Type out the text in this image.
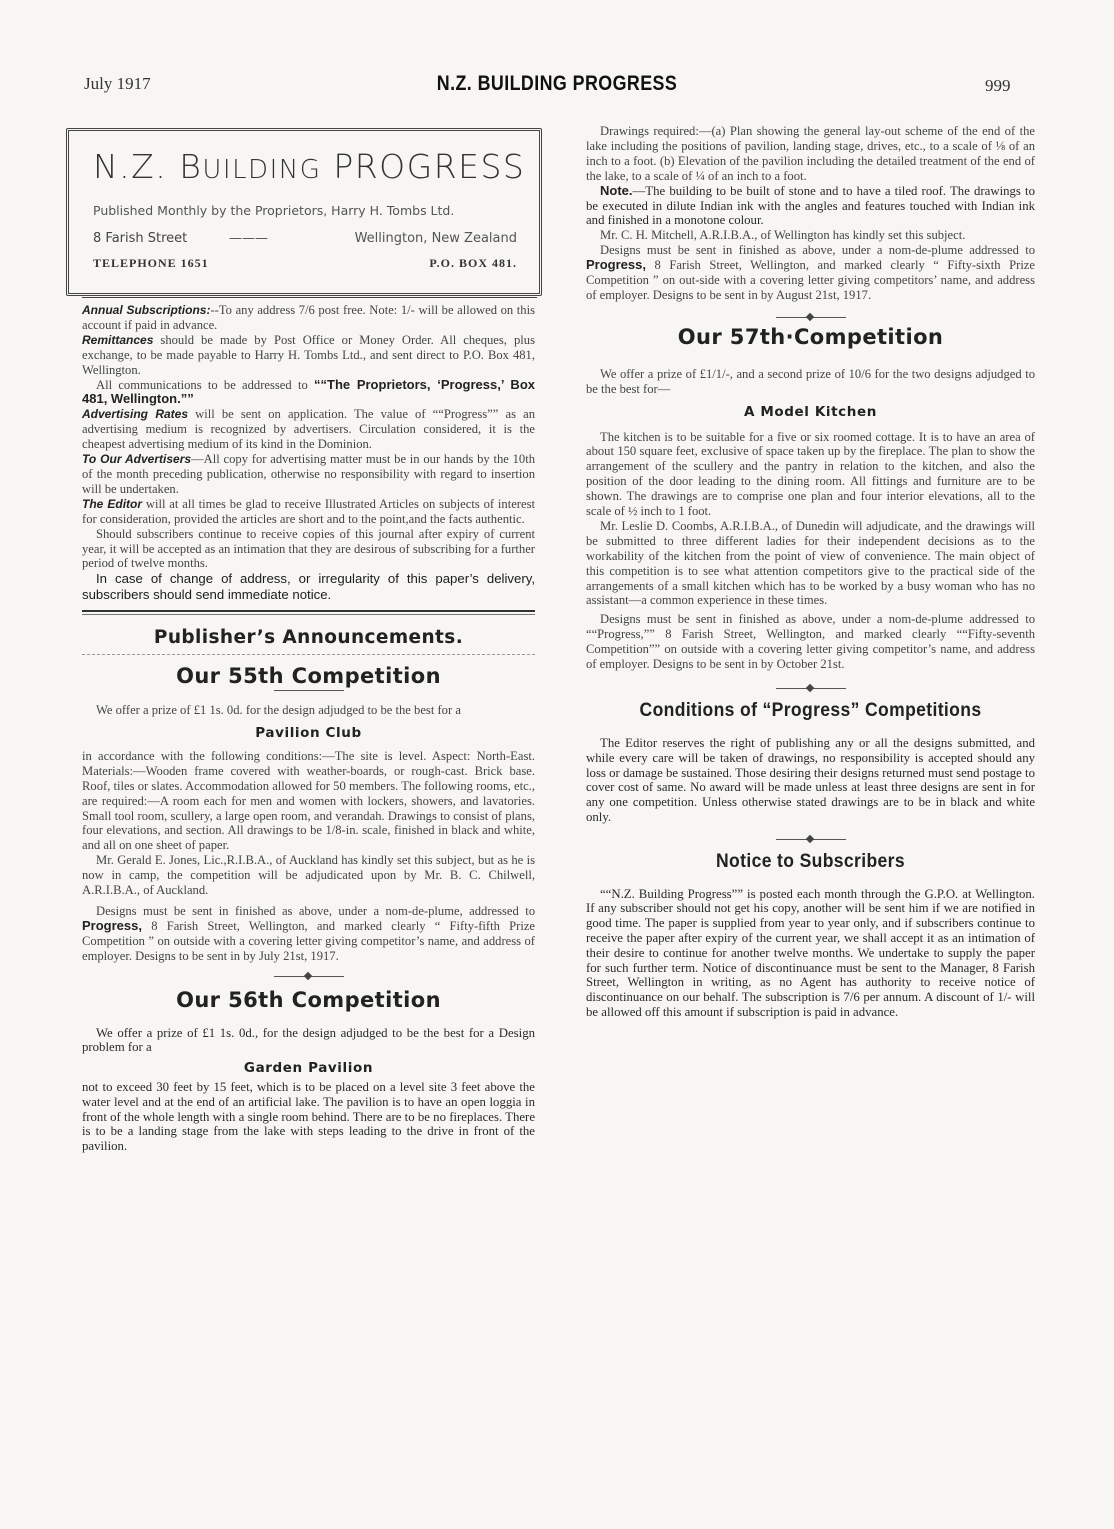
July 1917	N.Z. BUILDING PROGRESS	999
N.Z. BUILDING PROGRESS
Published Monthly by the Proprietors, Harry H. Tombs Ltd.
8 Farish Street	———	Wellington, New Zealand
TELEPHONE 1651	P.O. BOX 481.

Annual Subscriptions:--To any address 7/6 post free. Note: 1/- will be allowed on this account if paid in advance.

Remittances should be made by Post Office or Money Order. All cheques, plus exchange, to be made payable to Harry H. Tombs Ltd., and sent direct to P.O. Box 481, Wellington.

All communications to be addressed to ““The Proprietors, ‘Progress,’ Box 481, Wellington.””

Advertising Rates will be sent on application. The value of ““Progress”” as an advertising medium is recognized by advertisers. Circulation considered, it is the cheapest advertising medium of its kind in the Dominion.

To Our Advertisers—All copy for advertising matter must be in our hands by the 10th of the month preceding publication, otherwise no responsibility with regard to insertion will be undertaken.

The Editor will at all times be glad to receive Illustrated Articles on subjects of interest for consideration, provided the articles are short and to the point,and the facts authentic.

Should subscribers continue to receive copies of this journal after expiry of current year, it will be accepted as an intimation that they are desirous of subscribing for a further period of twelve months.

In case of change of address, or irregularity of this paper’s delivery, subscribers should send immediate notice.

Publisher’s Announcements.
Our 55th Competition

We offer a prize of £1 1s. 0d. for the design adjudged to be the best for a

Pavilion Club

in accordance with the following conditions:—The site is level. Aspect: North-East. Materials:—Wooden frame covered with weather-boards, or rough-cast. Brick base. Roof, tiles or slates. Accommodation allowed for 50 members. The following rooms, etc., are required:—A room each for men and women with lockers, showers, and lavatories. Small tool room, scullery, a large open room, and verandah. Drawings to consist of plans, four elevations, and section. All drawings to be 1/8-in. scale, finished in black and white, and all on one sheet of paper.

Mr. Gerald E. Jones, Lic.,R.I.B.A., of Auckland has kindly set this subject, but as he is now in camp, the competition will be adjudicated upon by Mr. B. C. Chilwell, A.R.I.B.A., of Auckland.

Designs must be sent in finished as above, under a nom-de-plume, addressed to Progress, 8 Farish Street, Wellington, and marked clearly “ Fifty-fifth Prize Competition ” on outside with a covering letter giving competitor’s name, and address of employer. Designs to be sent in by July 21st, 1917.

Our 56th Competition

We offer a prize of £1 1s. 0d., for the design adjudged to be the best for a Design problem for a

Garden Pavilion

not to exceed 30 feet by 15 feet, which is to be placed on a level site 3 feet above the water level and at the end of an artificial lake. The pavilion is to have an open loggia in front of the whole length with a single room behind. There are to be no fireplaces. There is to be a landing stage from the lake with steps leading to the drive in front of the pavilion.

Drawings required:—(a) Plan showing the general lay-out scheme of the end of the lake including the positions of pavilion, landing stage, drives, etc., to a scale of ⅛ of an inch to a foot. (b) Elevation of the pavilion including the detailed treatment of the end of the lake, to a scale of ¼ of an inch to a foot.

Note.—The building to be built of stone and to have a tiled roof. The drawings to be executed in dilute Indian ink with the angles and features touched with Indian ink and finished in a monotone colour.

Mr. C. H. Mitchell, A.R.I.B.A., of Wellington has kindly set this subject.

Designs must be sent in finished as above, under a nom-de-plume addressed to Progress, 8 Farish Street, Wellington, and marked clearly “ Fifty-sixth Prize Competition ” on out-side with a covering letter giving competitors’ name, and address of employer. Designs to be sent in by August 21st, 1917.

Our 57th·Competition

We offer a prize of £1/1/-, and a second prize of 10/6 for the two designs adjudged to be the best for—

A Model Kitchen

The kitchen is to be suitable for a five or six roomed cottage. It is to have an area of about 150 square feet, exclusive of space taken up by the fireplace. The plan to show the arrangement of the scullery and the pantry in relation to the kitchen, and also the position of the door leading to the dining room. All fittings and furniture are to be shown. The drawings are to comprise one plan and four interior elevations, all to the scale of ½ inch to 1 foot.

Mr. Leslie D. Coombs, A.R.I.B.A., of Dunedin will adjudicate, and the drawings will be submitted to three different ladies for their independent decisions as to the workability of the kitchen from the point of view of convenience. The main object of this competition is to see what attention competitors give to the practical side of the arrangements of a small kitchen which has to be worked by a busy woman who has no assistant—a common experience in these times.

Designs must be sent in finished as above, under a nom-de-plume addressed to ““Progress,”” 8 Farish Street, Wellington, and marked clearly ““Fifty-seventh Competition”” on outside with a covering letter giving competitor’s name, and address of employer. Designs to be sent in by October 21st.

Conditions of “Progress” Competitions

The Editor reserves the right of publishing any or all the designs submitted, and while every care will be taken of drawings, no responsibility is accepted should any loss or damage be sustained. Those desiring their designs returned must send postage to cover cost of same. No award will be made unless at least three designs are sent in for any one competition. Unless otherwise stated drawings are to be in black and white only.

Notice to Subscribers

““N.Z. Building Progress”” is posted each month through the G.P.O. at Wellington. If any subscriber should not get his copy, another will be sent him if we are notified in good time. The paper is supplied from year to year only, and if subscribers continue to receive the paper after expiry of the current year, we shall accept it as an intimation of their desire to continue for another twelve months. We undertake to supply the paper for such further term. Notice of discontinuance must be sent to the Manager, 8 Farish Street, Wellington in writing, as no Agent has authority to receive notice of discontinuance on our behalf. The subscription is 7/6 per annum. A discount of 1/- will be allowed off this amount if subscription is paid in advance.
